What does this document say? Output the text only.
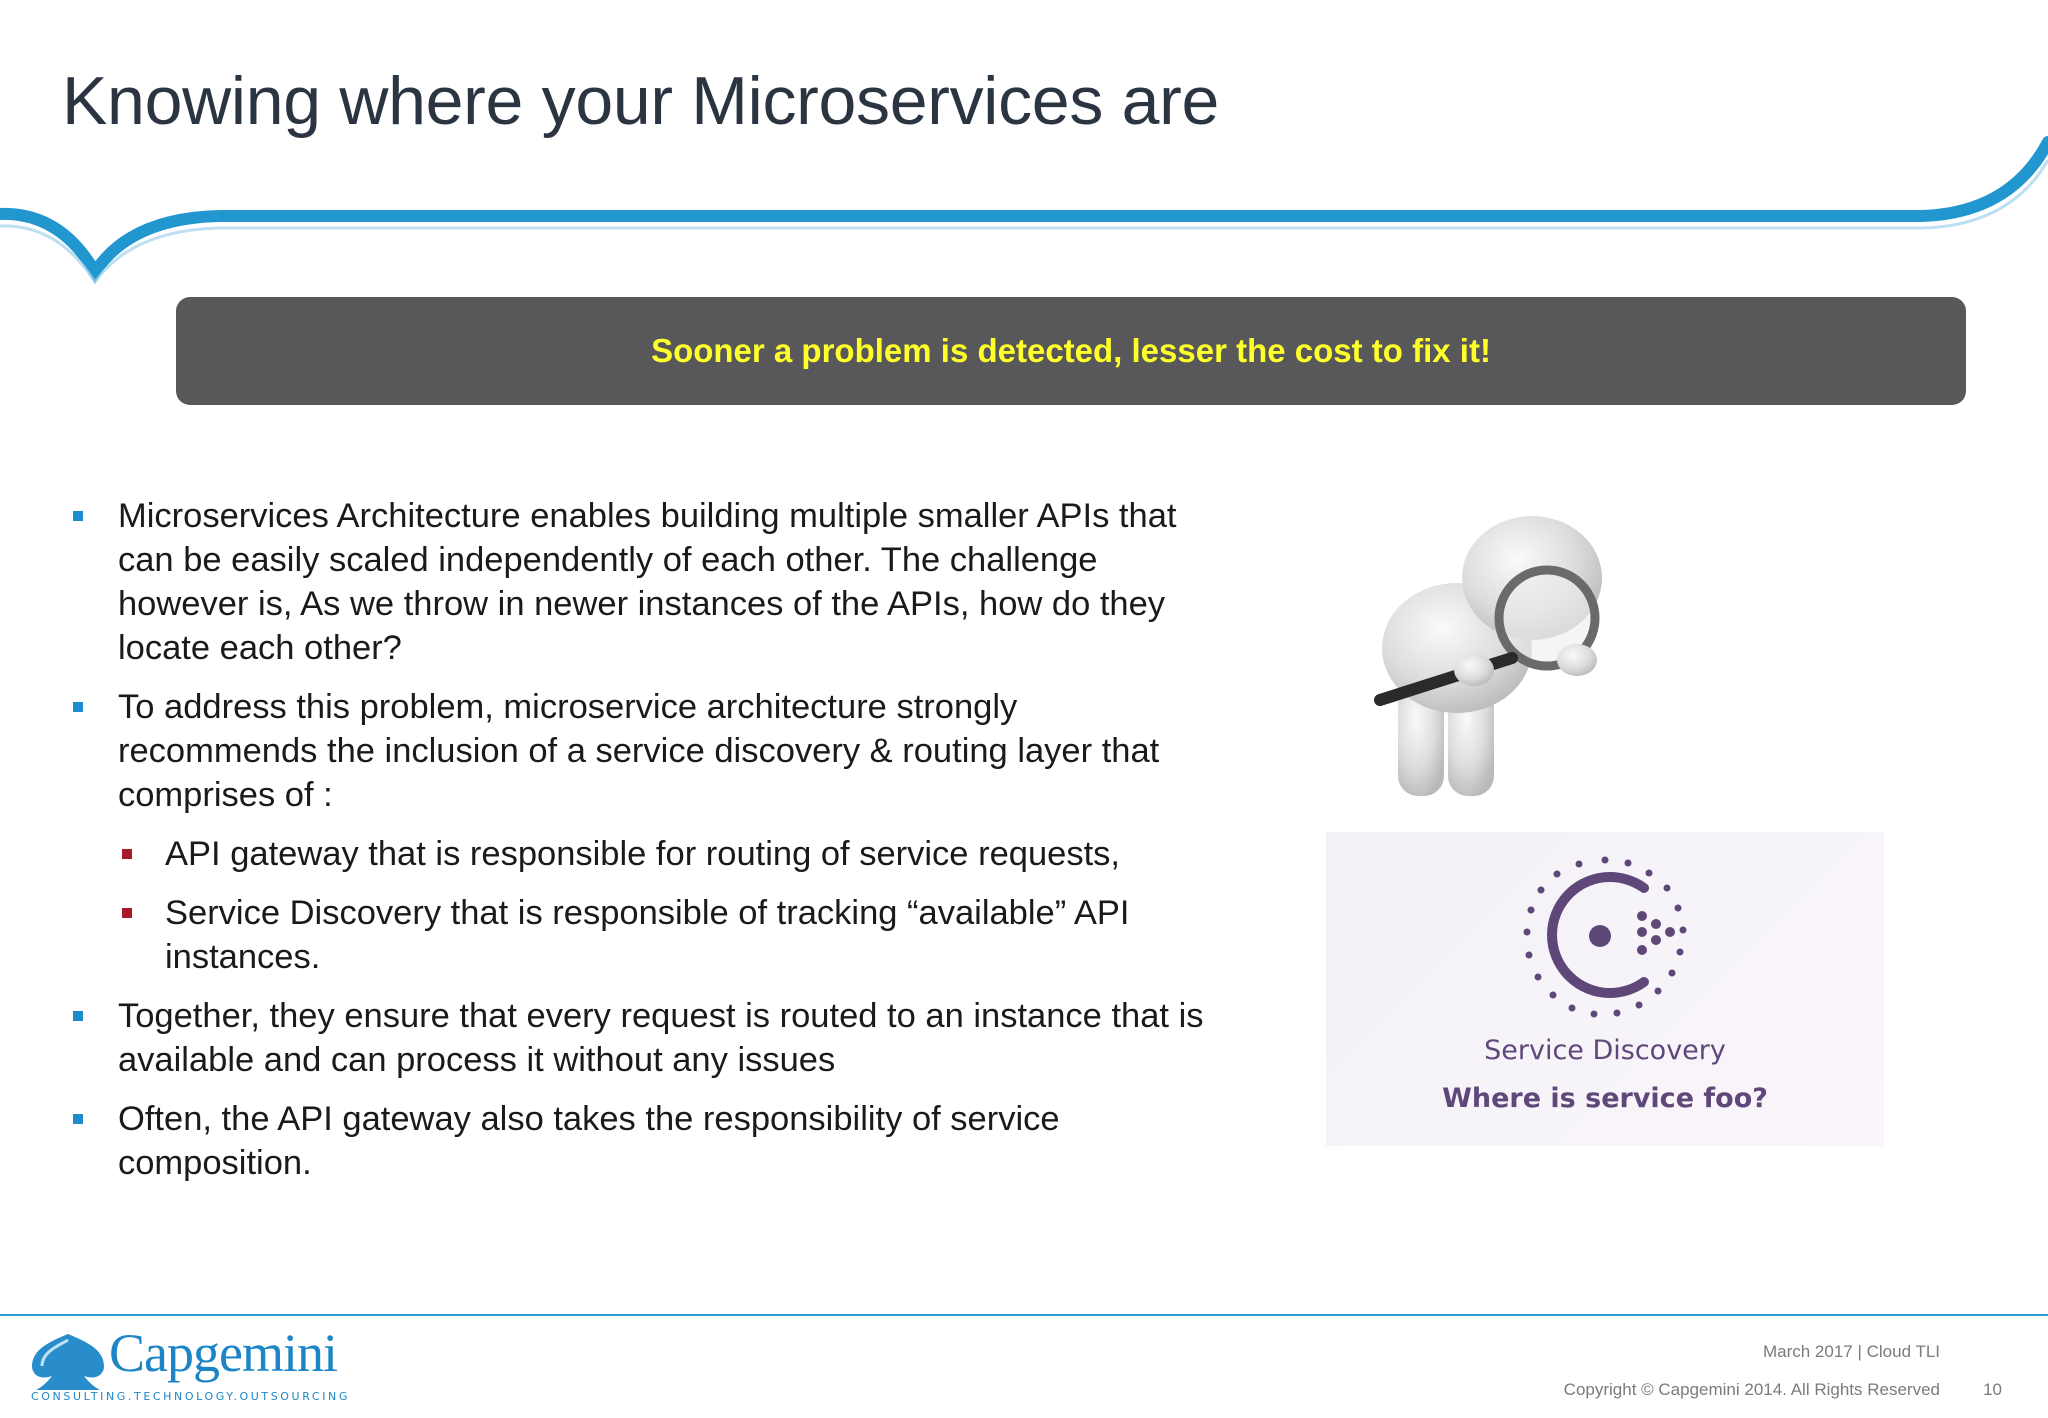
Knowing where your Microservices are
Sooner a problem is detected, lesser the cost to fix it!
Microservices Architecture enables building multiple smaller APIs that can be easily scaled independently of each other. The challenge however is, As we throw in newer instances of the APIs, how do they locate each other?
To address this problem, microservice architecture strongly recommends the inclusion of a service discovery & routing layer that comprises of :
API gateway that is responsible for routing of service requests,
Service Discovery that is responsible of tracking “available” API instances.
Together, they ensure that every request is routed to an instance that is available and can process it without any issues
Often, the API gateway also takes the responsibility of service composition.
Service Discovery
Where is service foo?
Capgemini
CONSULTING.TECHNOLOGY.OUTSOURCING
March 2017 | Cloud TLI
Copyright © Capgemini 2014. All Rights Reserved	10
